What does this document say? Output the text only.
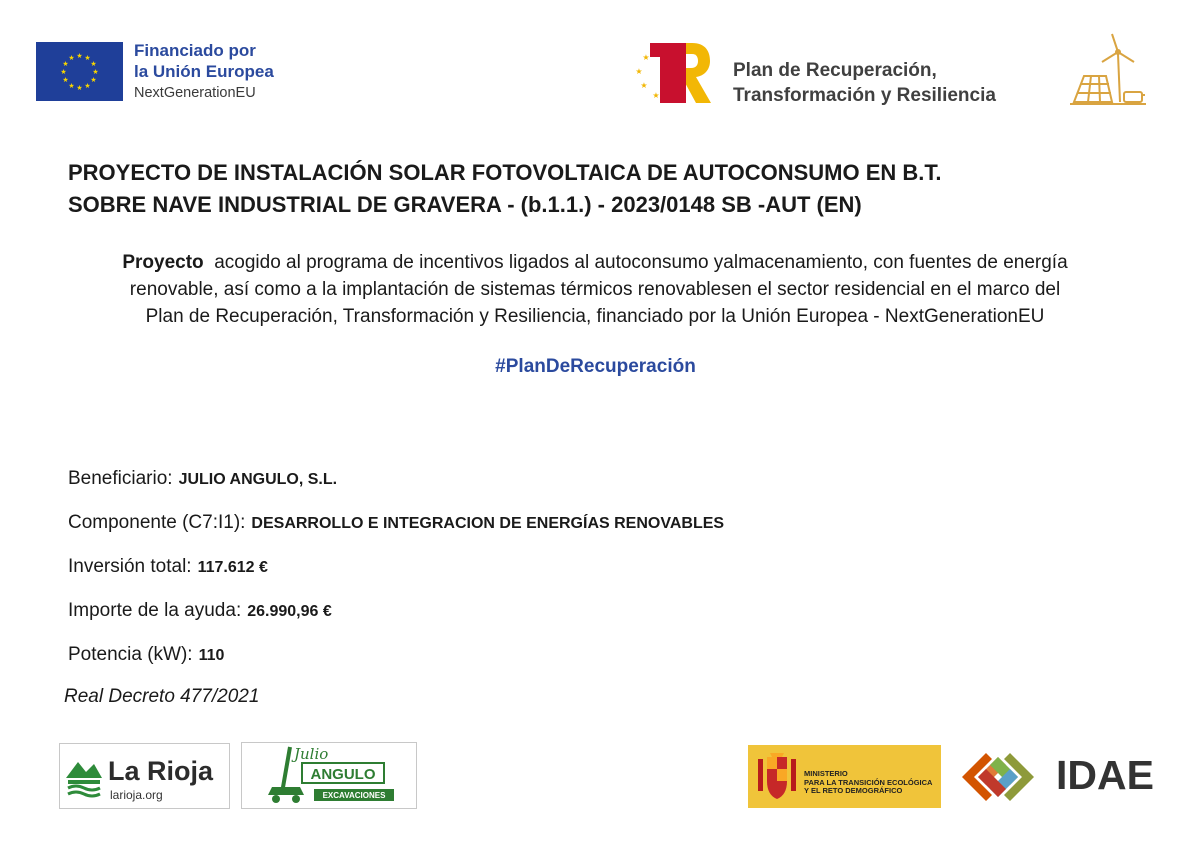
★ ★
★
★
★
★
★
★
★
★
★
★	Financiado por
la Unión Europea
NextGenerationEU
★
★
★
★
Plan de Recuperación,
Transformación y Resiliencia
PROYECTO DE INSTALACIÓN SOLAR FOTOVOLTAICA DE AUTOCONSUMO EN B.T.
SOBRE NAVE INDUSTRIAL DE GRAVERA - (b.1.1.) - 2023/0148 SB -AUT (EN)
Proyecto  acogido al programa de incentivos ligados al autoconsumo yalmacenamiento, con fuentes de energía
renovable, así como a la implantación de sistemas térmicos renovablesen el sector residencial en el marco del
Plan de Recuperación, Transformación y Resiliencia, financiado por la Unión Europea - NextGenerationEU
#PlanDeRecuperación
Beneficiario: JULIO ANGULO, S.L.
Componente (C7:I1): DESARROLLO E INTEGRACION DE ENERGÍAS RENOVABLES
Inversión total: 117.612 €
Importe de la ayuda: 26.990,96 €
Potencia (kW): 110
Real Decreto 477/2021
La Rioja
larioja.org
Julio
ANGULO
EXCAVACIONES
MINISTERIO
PARA LA TRANSICIÓN ECOLÓGICA
Y EL RETO DEMOGRÁFICO	IDAE
